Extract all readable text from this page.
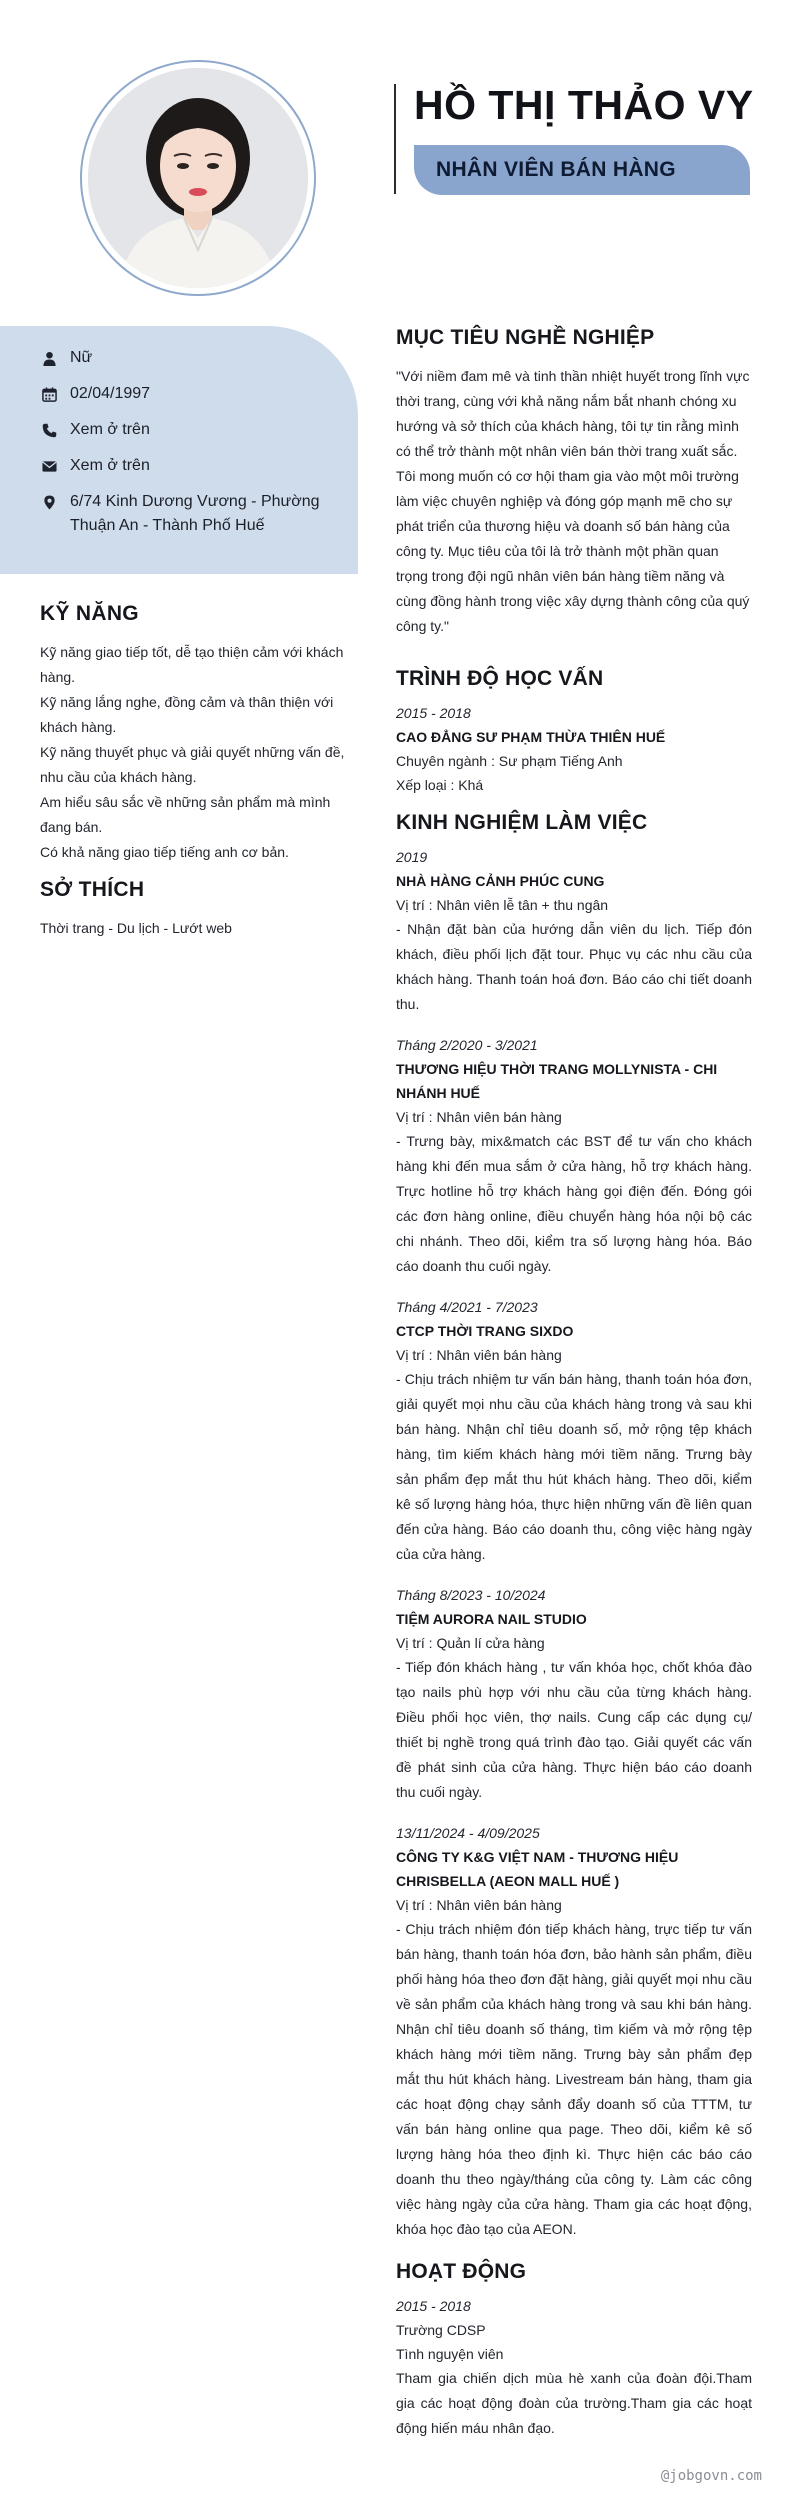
Nữ
02/04/1997
Xem ở trên
Xem ở trên
6/74 Kinh Dương Vương - Phường Thuận An - Thành Phố Huế
KỸ NĂNG
Kỹ năng giao tiếp tốt, dễ tạo thiện cảm với khách hàng.
Kỹ năng lắng nghe, đồng cảm và thân thiện với khách hàng.
Kỹ năng thuyết phục và giải quyết những vấn đề, nhu cầu của khách hàng.
Am hiểu sâu sắc về những sản phẩm mà mình đang bán.
Có khả năng giao tiếp tiếng anh cơ bản.
SỞ THÍCH
Thời trang - Du lịch - Lướt web
HỒ THỊ THẢO VY
NHÂN VIÊN BÁN HÀNG
MỤC TIÊU NGHỀ NGHIỆP

"Với niềm đam mê và tinh thần nhiệt huyết trong lĩnh vực thời trang, cùng với khả năng nắm bắt nhanh chóng xu hướng và sở thích của khách hàng, tôi tự tin rằng mình có thể trở thành một nhân viên bán thời trang xuất sắc. Tôi mong muốn có cơ hội tham gia vào một môi trường làm việc chuyên nghiệp và đóng góp mạnh mẽ cho sự phát triển của thương hiệu và doanh số bán hàng của công ty. Mục tiêu của tôi là trở thành một phần quan trọng trong đội ngũ nhân viên bán hàng tiềm năng và cùng đồng hành trong việc xây dựng thành công của quý công ty."

TRÌNH ĐỘ HỌC VẤN
2015 - 2018
CAO ĐẲNG SƯ PHẠM THỪA THIÊN HUẾ
Chuyên ngành : Sư phạm Tiếng Anh
Xếp loại : Khá
KINH NGHIỆM LÀM VIỆC
2019
NHÀ HÀNG CẢNH PHÚC CUNG
Vị trí : Nhân viên lễ tân + thu ngân

- Nhận đặt bàn của hướng dẫn viên du lịch. Tiếp đón khách, điều phối lịch đặt tour. Phục vụ các nhu cầu của khách hàng. Thanh toán hoá đơn. Báo cáo chi tiết doanh thu.

Tháng 2/2020 - 3/2021
THƯƠNG HIỆU THỜI TRANG MOLLYNISTA - CHI NHÁNH HUẾ
Vị trí : Nhân viên bán hàng

- Trưng bày, mix&match các BST để tư vấn cho khách hàng khi đến mua sắm ở cửa hàng, hỗ trợ khách hàng. Trực hotline hỗ trợ khách hàng gọi điện đến. Đóng gói các đơn hàng online, điều chuyển hàng hóa nội bộ các chi nhánh. Theo dõi, kiểm tra số lượng hàng hóa. Báo cáo doanh thu cuối ngày.

Tháng 4/2021 - 7/2023
CTCP THỜI TRANG SIXDO
Vị trí : Nhân viên bán hàng

- Chịu trách nhiệm tư vấn bán hàng, thanh toán hóa đơn, giải quyết mọi nhu cầu của khách hàng trong và sau khi bán hàng. Nhận chỉ tiêu doanh số, mở rộng tệp khách hàng, tìm kiếm khách hàng mới tiềm năng. Trưng bày sản phẩm đẹp mắt thu hút khách hàng. Theo dõi, kiểm kê số lượng hàng hóa, thực hiện những vấn đề liên quan đến cửa hàng. Báo cáo doanh thu, công việc hàng ngày của cửa hàng.

Tháng 8/2023 - 10/2024
TIỆM AURORA NAIL STUDIO
Vị trí : Quản lí cửa hàng

- Tiếp đón khách hàng , tư vấn khóa học, chốt khóa đào tạo nails phù hợp với nhu cầu của từng khách hàng. Điều phối học viên, thợ nails. Cung cấp các dụng cụ/ thiết bị nghề trong quá trình đào tạo. Giải quyết các vấn đề phát sinh của cửa hàng. Thực hiện báo cáo doanh thu cuối ngày.

13/11/2024 - 4/09/2025
CÔNG TY K&G VIỆT NAM - THƯƠNG HIỆU CHRISBELLA (AEON MALL HUẾ )
Vị trí : Nhân viên bán hàng

- Chịu trách nhiệm đón tiếp khách hàng, trực tiếp tư vấn bán hàng, thanh toán hóa đơn, bảo hành sản phẩm, điều phối hàng hóa theo đơn đặt hàng, giải quyết mọi nhu cầu về sản phẩm của khách hàng trong và sau khi bán hàng. Nhận chỉ tiêu doanh số tháng, tìm kiếm và mở rộng tệp khách hàng mới tiềm năng. Trưng bày sản phẩm đẹp mắt thu hút khách hàng. Livestream bán hàng, tham gia các hoạt động chạy sảnh đẩy doanh số của TTTM, tư vấn bán hàng online qua page. Theo dõi, kiểm kê số lượng hàng hóa theo định kì. Thực hiện các báo cáo doanh thu theo ngày/tháng của công ty. Làm các công việc hàng ngày của cửa hàng. Tham gia các hoạt động, khóa học đào tạo của AEON.

HOẠT ĐỘNG
2015 - 2018
Trường CDSP
Tình nguyện viên

Tham gia chiến dịch mùa hè xanh của đoàn đội.Tham gia các hoạt động đoàn của trường.Tham gia các hoạt động hiến máu nhân đạo.

@jobgovn.com
